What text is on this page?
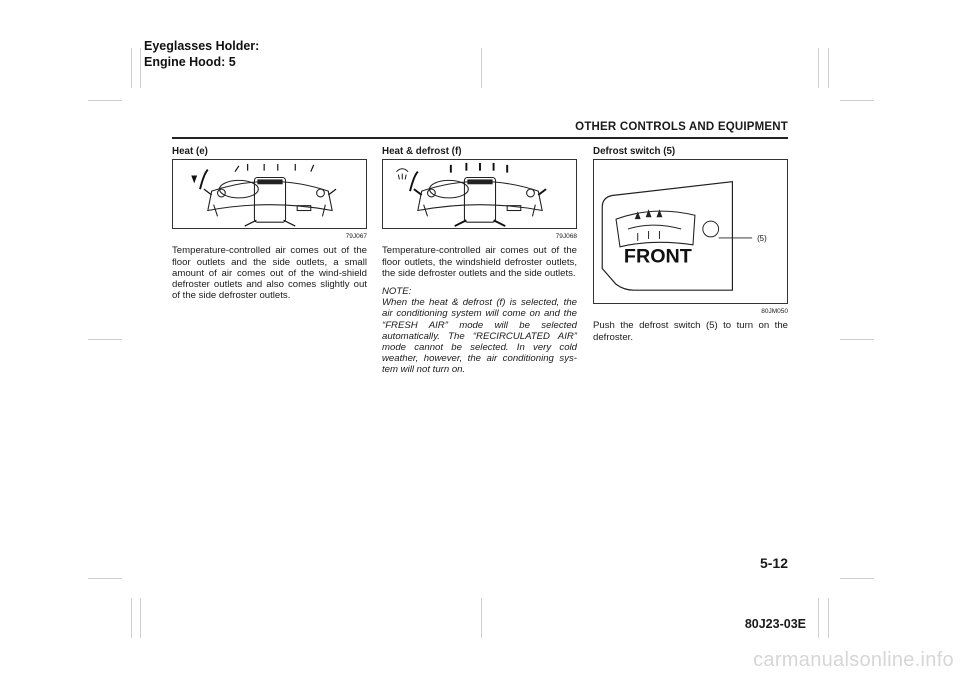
Eyeglasses Holder:
Engine Hood: 5
OTHER CONTROLS AND EQUIPMENT
Heat (e)
79J067

Temperature-controlled air comes out of the floor outlets and the side outlets, a small amount of air comes out of the wind-shield defroster outlets and also comes slightly out of the side defroster outlets.

Heat & defrost (f)
79J068

Temperature-controlled air comes out of the floor outlets, the windshield defroster outlets, the side defroster outlets and the side outlets.

NOTE:
When the heat & defrost (f) is selected, the air conditioning system will come on and the “FRESH AIR” mode will be selected automatically. The “RECIRCULATED AIR” mode cannot be selected. In very cold weather, however, the air conditioning sys-tem will not turn on.
Defrost switch (5)
FRONT
(5)
80JM050

Push the defrost switch (5) to turn on the defroster.

5-12
80J23-03E
carmanualsonline.info
